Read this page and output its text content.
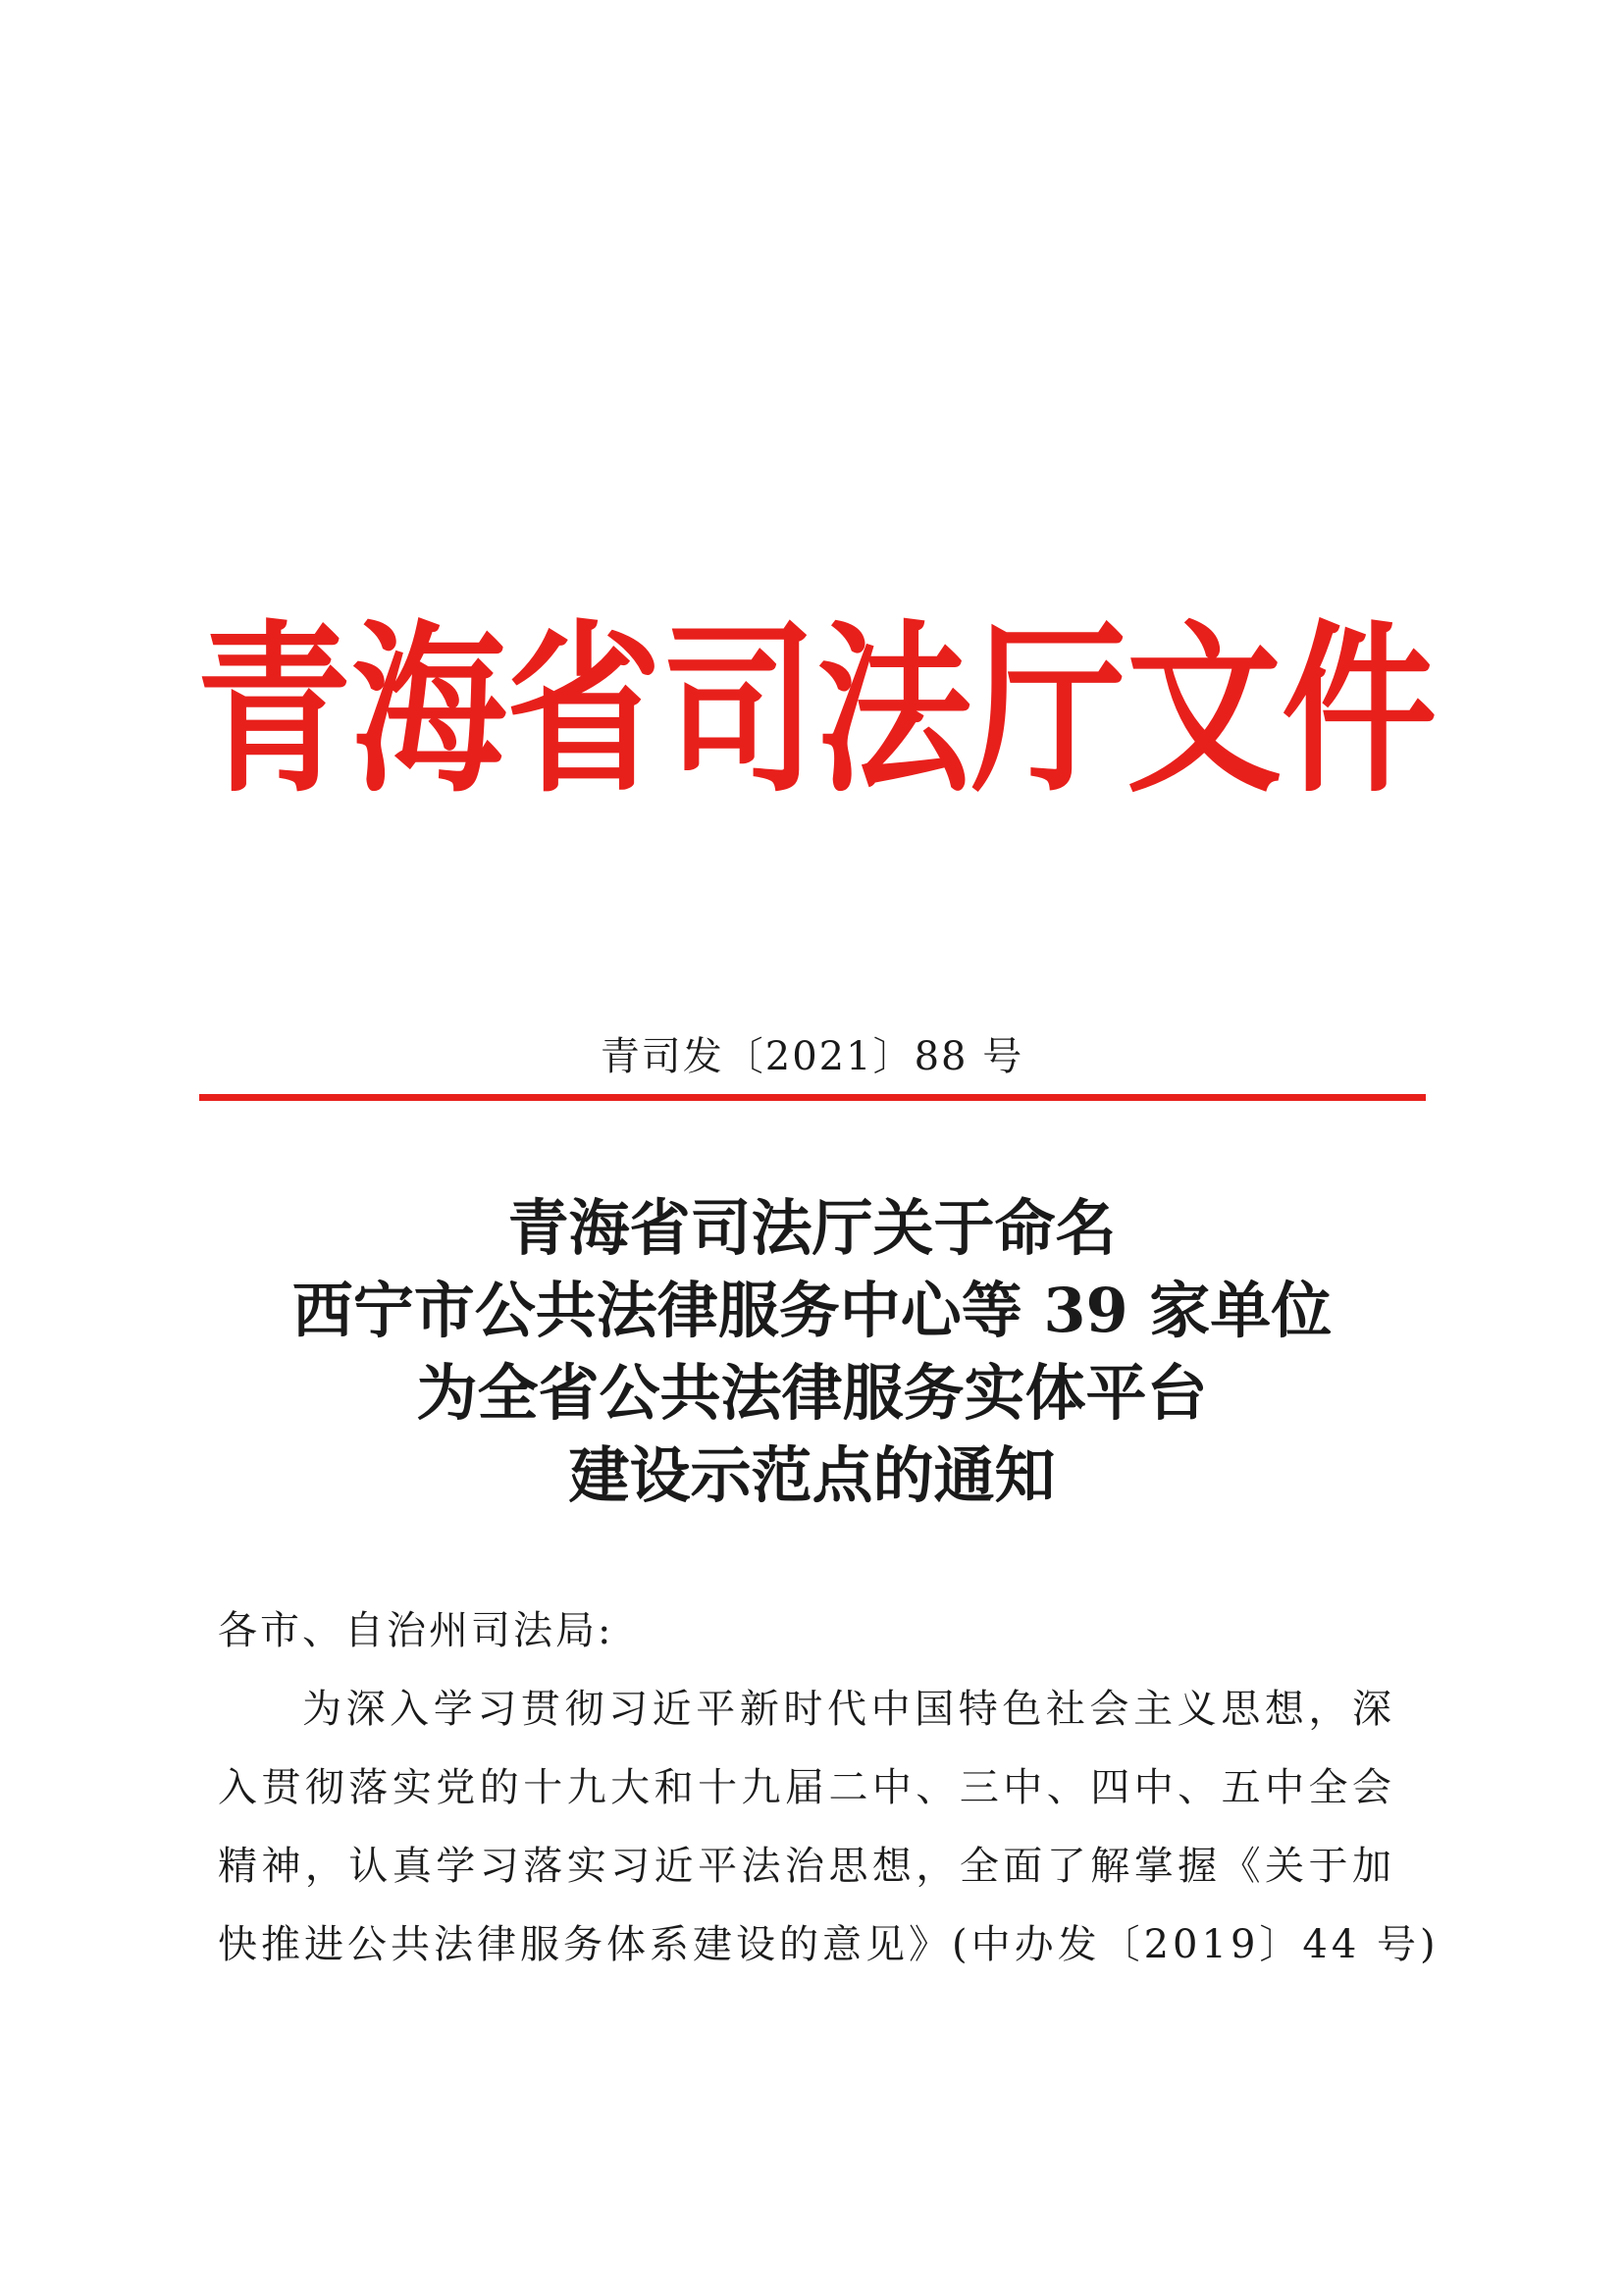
青 海 省 司 法 厅 文 件
青司发〔2021〕88 号
青海省司法厅关于命名
西宁市公共法律服务中心等 39 家单位
为全省公共法律服务实体平台
建设示范点的通知
各市、自治州司法局:
为深入学习贯彻习近平新时代中国特色社会主义思想，深
入贯彻落实党的十九大和十九届二中、三中、四中、五中全会
精神，认真学习落实习近平法治思想，全面了解掌握《关于加
快推进公共法律服务体系建设的意见》(中办发〔2019〕44 号)
